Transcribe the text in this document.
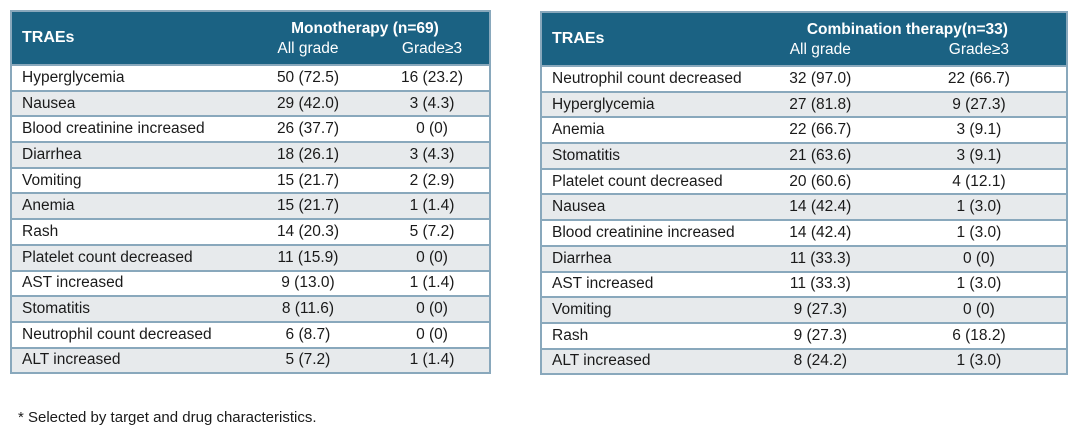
TRAEs	Monotherapy (n=69)	
	All grade	Grade≥3
Hyperglycemia	50 (72.5)	16 (23.2)
Nausea	29 (42.0)	3 (4.3)
Blood creatinine increased	26 (37.7)	0 (0)
Diarrhea	18 (26.1)	3 (4.3)
Vomiting	15 (21.7)	2 (2.9)
Anemia	15 (21.7)	1 (1.4)
Rash	14 (20.3)	5 (7.2)
Platelet count decreased	11 (15.9)	0 (0)
AST increased	9 (13.0)	1 (1.4)
Stomatitis	8 (11.6)	0 (0)
Neutrophil count decreased	6 (8.7)	0 (0)
ALT increased	5 (7.2)	1 (1.4)
TRAEs	Combination therapy(n=33)	
	All grade	Grade≥3
Neutrophil count decreased	32 (97.0)	22 (66.7)
Hyperglycemia	27 (81.8)	9 (27.3)
Anemia	22 (66.7)	3 (9.1)
Stomatitis	21 (63.6)	3 (9.1)
Platelet count decreased	20 (60.6)	4 (12.1)
Nausea	14 (42.4)	1 (3.0)
Blood creatinine increased	14 (42.4)	1 (3.0)
Diarrhea	11 (33.3)	0 (0)
AST increased	11 (33.3)	1 (3.0)
Vomiting	9 (27.3)	0 (0)
Rash	9 (27.3)	6 (18.2)
ALT increased	8 (24.2)	1 (3.0)
* Selected by target and drug characteristics.
